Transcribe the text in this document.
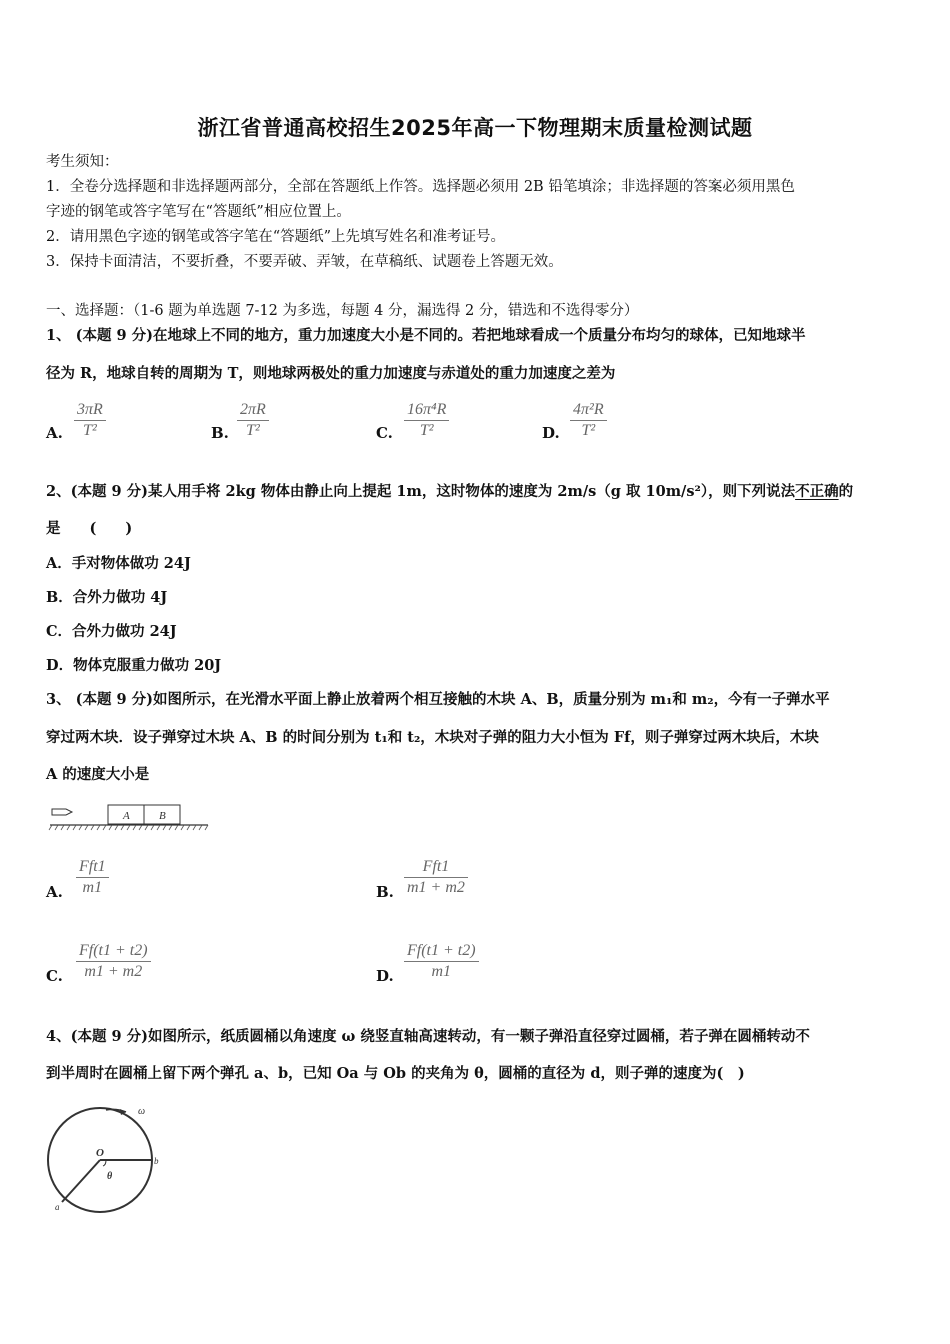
浙江省普通高校招生2025年高一下物理期末质量检测试题
考生须知：
1．全卷分选择题和非选择题两部分，全部在答题纸上作答。选择题必须用 2B 铅笔填涂；非选择题的答案必须用黑色
字迹的钢笔或答字笔写在“答题纸”相应位置上。
2．请用黑色字迹的钢笔或答字笔在“答题纸”上先填写姓名和准考证号。
3．保持卡面清洁，不要折叠，不要弄破、弄皱，在草稿纸、试题卷上答题无效。
一、选择题：（1-6 题为单选题 7-12 为多选，每题 4 分，漏选得 2 分，错选和不选得零分）
1、 (本题 9 分)在地球上不同的地方，重力加速度大小是不同的。若把地球看成一个质量分布均匀的球体，已知地球半
径为 R，地球自转的周期为 T，则地球两极处的重力加速度与赤道处的重力加速度之差为
A.
3πR
T²	B.
2πR
T²	C.
16π⁴R
T²	D.
4π²R
T²
2、(本题 9 分)某人用手将 2kg 物体由静止向上提起 1m，这时物体的速度为 2m/s（g 取 10m/s²），则下列说法不正确的
是　　(　　)
A．手对物体做功 24J
B．合外力做功 4J
C．合外力做功 24J
D．物体克服重力做功 20J
3、 (本题 9 分)如图所示，在光滑水平面上静止放着两个相互接触的木块 A、B，质量分别为 m₁和 m₂，今有一子弹水平
穿过两木块．设子弹穿过木块 A、B 的时间分别为 t₁和 t₂，木块对子弹的阻力大小恒为 Ff，则子弹穿过两木块后，木块
A 的速度大小是
A	B
A.
Fft1
m1	B.
Fft1
m1 + m2
C.
Ff(t1 + t2)
m1 + m2	D.
Ff(t1 + t2)
m1
4、(本题 9 分)如图所示，纸质圆桶以角速度 ω 绕竖直轴高速转动，有一颗子弹沿直径穿过圆桶，若子弹在圆桶转动不
到半周时在圆桶上留下两个弹孔 a、b，已知 Oa 与 Ob 的夹角为 θ，圆桶的直径为 d，则子弹的速度为(　)
ω
O
θ
b
a
